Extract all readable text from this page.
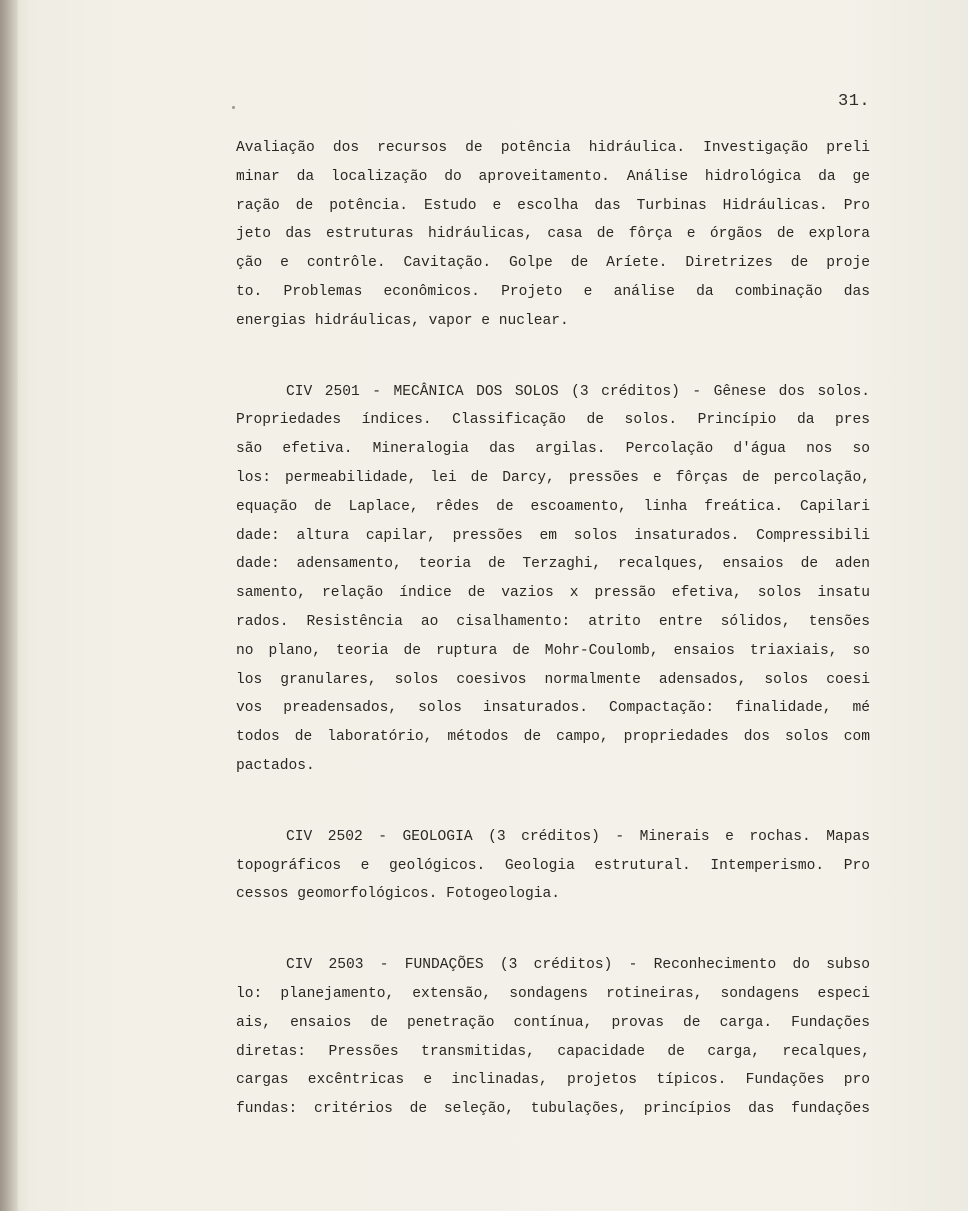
31.
Avaliação dos recursos de potência hidráulica. Investigação preli
minar da localização do aproveitamento. Análise hidrológica da ge
ração de potência. Estudo e escolha das Turbinas Hidráulicas. Pro
jeto das estruturas hidráulicas, casa de fôrça e órgãos de explora
ção e contrôle. Cavitação. Golpe de Aríete. Diretrizes de proje
to. Problemas econômicos. Projeto e análise da combinação das
energias hidráulicas, vapor e nuclear.
CIV 2501 - MECÂNICA DOS SOLOS (3 créditos) - Gênese dos solos.
Propriedades índices. Classificação de solos. Princípio da pres
são efetiva. Mineralogia das argilas. Percolação d'água nos so
los: permeabilidade, lei de Darcy, pressões e fôrças de percolação,
equação de Laplace, rêdes de escoamento, linha freática. Capilari
dade: altura capilar, pressões em solos insaturados. Compressibili
dade: adensamento, teoria de Terzaghi, recalques, ensaios de aden
samento, relação índice de vazios x pressão efetiva, solos insatu
rados. Resistência ao cisalhamento: atrito entre sólidos, tensões
no plano, teoria de ruptura de Mohr-Coulomb, ensaios triaxiais, so
los granulares, solos coesivos normalmente adensados, solos coesi
vos preadensados, solos insaturados. Compactação: finalidade, mé
todos de laboratório, métodos de campo, propriedades dos solos com
pactados.
CIV 2502 - GEOLOGIA (3 créditos) - Minerais e rochas. Mapas
topográficos e geológicos. Geologia estrutural. Intemperismo. Pro
cessos geomorfológicos. Fotogeologia.
CIV 2503 - FUNDAÇÕES (3 créditos) - Reconhecimento do subso
lo: planejamento, extensão, sondagens rotineiras, sondagens especi
ais, ensaios de penetração contínua, provas de carga. Fundações
diretas: Pressões transmitidas, capacidade de carga, recalques,
cargas excêntricas e inclinadas, projetos típicos. Fundações pro
fundas: critérios de seleção, tubulações, princípios das fundações
